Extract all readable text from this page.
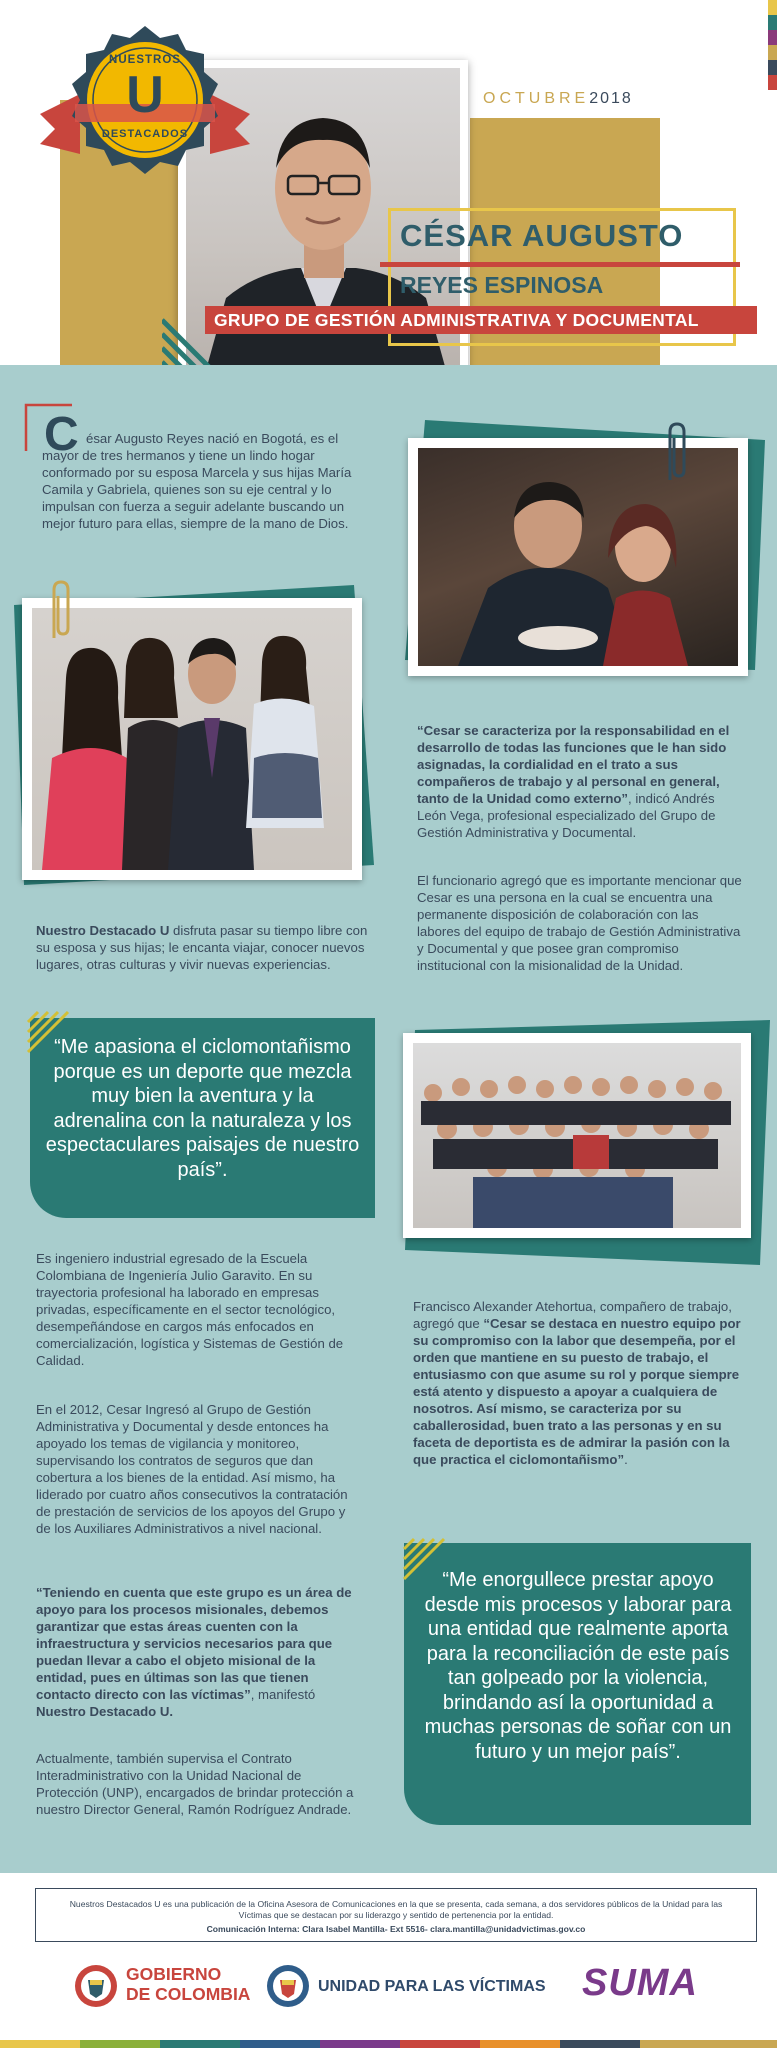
NUESTROS
U
DESTACADOS
OCTUBRE2018
CÉSAR AUGUSTO
REYES ESPINOSA
GRUPO DE GESTIÓN ADMINISTRATIVA Y DOCUMENTAL
C ésar Augusto Reyes nació en Bogotá, es el mayor de tres hermanos y tiene un lindo hogar conformado por su esposa Marcela y sus hijas María Camila y Gabriela, quienes son su eje central y lo impulsan con fuerza a seguir adelante buscando un mejor futuro para ellas, siempre de la mano de Dios.
Nuestro Destacado U disfruta pasar su tiempo libre con su esposa y sus hijas; le encanta viajar, conocer nuevos lugares, otras culturas y vivir nuevas experiencias.
“Cesar se caracteriza por la responsabilidad en el desarrollo de todas las funciones que le han sido asignadas, la cordialidad en el trato a sus compañeros de trabajo y al personal en general, tanto de la Unidad como externo”, indicó Andrés León Vega, profesional especializado del Grupo de Gestión Administrativa y Documental.
El funcionario agregó que es importante mencionar que Cesar es una persona en la cual se encuentra una permanente disposición de colaboración con las labores del equipo de trabajo de Gestión Administrativa y Documental y que posee gran compromiso institucional con la misionalidad de la Unidad.
“Me apasiona el ciclomontañismo porque es un deporte que mezcla muy bien la aventura y la adrenalina con la naturaleza y los espectaculares paisajes de nuestro país”.
Es ingeniero industrial egresado de la Escuela Colombiana de Ingeniería Julio Garavito. En su trayectoria profesional ha laborado en empresas privadas, específicamente en el sector tecnológico, desempeñándose en cargos más enfocados en comercialización, logística y Sistemas de Gestión de Calidad.
En el 2012, Cesar Ingresó al Grupo de Gestión Administrativa y Documental y desde entonces ha apoyado los temas de vigilancia y monitoreo, supervisando los contratos de seguros que dan cobertura a los bienes de la entidad. Así mismo, ha liderado por cuatro años consecutivos la contratación de prestación de servicios de los apoyos del Grupo y de los Auxiliares Administrativos a nivel nacional.
“Teniendo en cuenta que este grupo es un área de apoyo para los procesos misionales, debemos garantizar que estas áreas cuenten con la infraestructura y servicios necesarios para que puedan llevar a cabo el objeto misional de la entidad, pues en últimas son las que tienen contacto directo con las víctimas”, manifestó Nuestro Destacado U.
Actualmente, también supervisa el Contrato Interadministrativo con la Unidad Nacional de Protección (UNP), encargados de brindar protección a nuestro Director General, Ramón Rodríguez Andrade.
Francisco Alexander Atehortua, compañero de trabajo, agregó que “Cesar se destaca en nuestro equipo por su compromiso con la labor que desempeña, por el orden que mantiene en su puesto de trabajo, el entusiasmo con que asume su rol y porque siempre está atento y dispuesto a apoyar a cualquiera de nosotros. Así mismo, se caracteriza por su caballerosidad, buen trato a las personas y en su faceta de deportista es de admirar la pasión con la que practica el ciclomontañismo”.
“Me enorgullece prestar apoyo desde mis procesos y laborar para una entidad que realmente aporta para la reconciliación de este país tan golpeado por la violencia, brindando así la oportunidad a muchas personas de soñar con un futuro y un mejor país”.
Nuestros Destacados U es una publicación de la Oficina Asesora de Comunicaciones en la que se presenta, cada semana, a dos servidores públicos de la Unidad para las Víctimas que se destacan por su liderazgo y sentido de pertenencia por la entidad.
Comunicación Interna: Clara Isabel Mantilla- Ext 5516- clara.mantilla@unidadvictimas.gov.co
GOBIERNO
DE COLOMBIA	UNIDAD PARA LAS VÍCTIMAS SUMA
